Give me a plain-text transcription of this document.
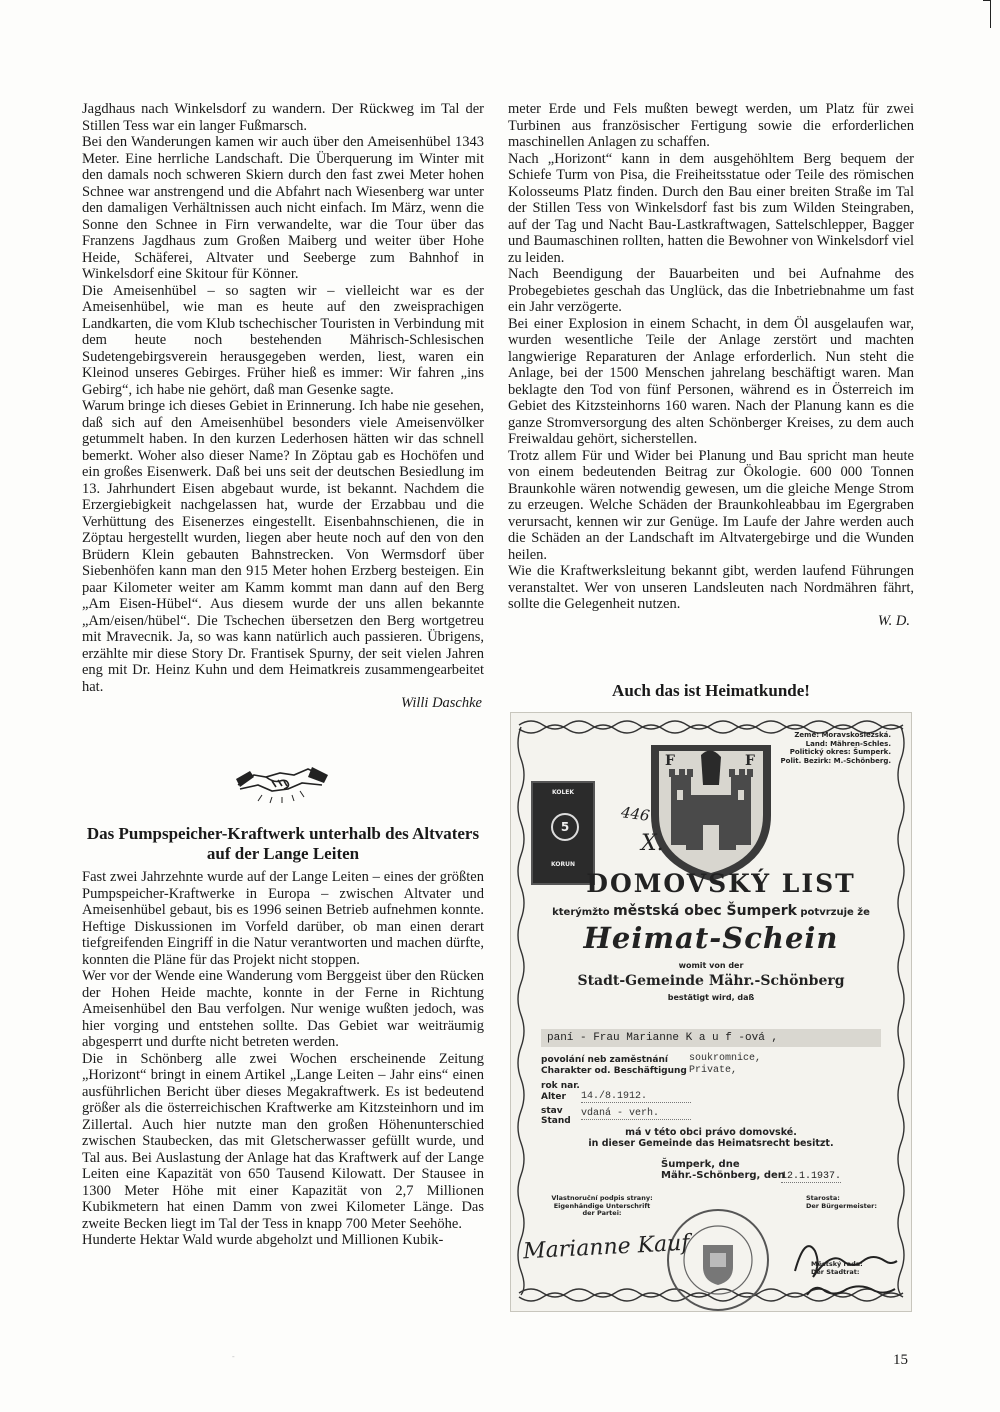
Jagdhaus nach Winkelsdorf zu wandern. Der Rückweg im Tal der Stillen Tess war ein langer Fußmarsch.

Bei den Wanderungen kamen wir auch über den Ameisenhübel 1343 Meter. Eine herrliche Landschaft. Die Überquerung im Winter mit den damals noch schweren Skiern durch den fast zwei Meter hohen Schnee war anstrengend und die Abfahrt nach Wiesenberg war unter den damaligen Verhältnissen auch nicht einfach. Im März, wenn die Sonne den Schnee in Firn verwandelte, war die Tour über das Franzens Jagdhaus zum Großen Maiberg und weiter über Hohe Heide, Schäferei, Altvater und Seeberge zum Bahnhof in Winkelsdorf eine Skitour für Könner.

Die Ameisenhübel – so sagten wir – vielleicht war es der Ameisenhübel, wie man es heute auf den zweisprachigen Landkarten, die vom Klub tschechischer Touristen in Verbindung mit dem heute noch bestehenden Mährisch-Schlesischen Sudetengebirgsverein herausgegeben werden, liest, waren ein Kleinod unseres Gebirges. Früher hieß es immer: Wir fahren „ins Gebirg“, ich habe nie gehört, daß man Gesenke sagte.

Warum bringe ich dieses Gebiet in Erinnerung. Ich habe nie gesehen, daß sich auf den Ameisenhübel besonders viele Ameisenvölker getummelt haben. In den kurzen Lederhosen hätten wir das schnell bemerkt. Woher also dieser Name? In Zöptau gab es Hochöfen und ein großes Eisenwerk. Daß bei uns seit der deutschen Besiedlung im 13. Jahrhundert Eisen abgebaut wurde, ist bekannt. Nachdem die Erzergiebigkeit nachgelassen hat, wurde der Erzabbau und die Verhüttung des Eisenerzes eingestellt. Eisenbahnschienen, die in Zöptau hergestellt wurden, liegen aber heute noch auf den von den Brüdern Klein gebauten Bahnstrecken. Von Wermsdorf über Siebenhöfen kann man den 915 Meter hohen Erzberg besteigen. Ein paar Kilometer weiter am Kamm kommt man dann auf den Berg „Am Eisen-Hübel“. Aus diesem wurde der uns allen bekannte „Am/eisen/hübel“. Die Tschechen übersetzen den Berg wortgetreu mit Mravecnik. Ja, so was kann natürlich auch passieren. Übrigens, erzählte mir diese Story Dr. Frantisek Spurny, der seit vielen Jahren eng mit Dr. Heinz Kuhn und dem Heimatkreis zusammengearbeitet hat.

Willi Daschke

Das Pumpspeicher-Kraftwerk unterhalb des Altvaters auf der Lange Leiten

Fast zwei Jahrzehnte wurde auf der Lange Leiten – eines der größten Pumpspeicher-Kraftwerke in Europa – zwischen Altvater und Ameisenhübel gebaut, bis es 1996 seinen Betrieb aufnehmen konnte. Heftige Diskussionen im Vorfeld darüber, ob man einen derart tiefgreifenden Eingriff in die Natur verantworten und machen dürfte, konnten die Pläne für das Projekt nicht stoppen.

Wer vor der Wende eine Wanderung vom Berggeist über den Rücken der Hohen Heide machte, konnte in der Ferne in Richtung Ameisenhübel den Bau verfolgen. Nur wenige wußten jedoch, was hier vorging und entstehen sollte. Das Gebiet war weiträumig abgesperrt und durfte nicht betreten werden.

Die in Schönberg alle zwei Wochen erscheinende Zeitung „Horizont“ bringt in einem Artikel „Lange Leiten – Jahr eins“ einen ausführlichen Bericht über dieses Megakraftwerk. Es ist bedeutend größer als die österreichischen Kraftwerke am Kitzsteinhorn und im Zillertal. Auch hier nutzte man den großen Höhenunterschied zwischen Staubecken, das mit Gletscherwasser gefüllt wurde, und Tal aus. Bei Auslastung der Anlage hat das Kraftwerk auf der Lange Leiten eine Kapazität von 650 Tausend Kilowatt. Der Stausee in 1300 Meter Höhe mit einer Kapazität von 2,7 Millionen Kubikmetern hat einen Damm von zwei Kilometer Länge. Das zweite Becken liegt im Tal der Tess in knapp 700 Meter Seehöhe.

Hunderte Hektar Wald wurde abgeholzt und Millionen Kubik-

meter Erde und Fels mußten bewegt werden, um Platz für zwei Turbinen aus französischer Fertigung sowie die erforderlichen maschinellen Anlagen zu schaffen.

Nach „Horizont“ kann in dem ausgehöhltem Berg bequem der Schiefe Turm von Pisa, die Freiheitsstatue oder Teile des römischen Kolosseums Platz finden. Durch den Bau einer breiten Straße im Tal der Stillen Tess von Winkelsdorf fast bis zum Wilden Steingraben, auf der Tag und Nacht Bau-Lastkraftwagen, Sattelschlepper, Bagger und Baumaschinen rollten, hatten die Bewohner von Winkelsdorf viel zu leiden.

Nach Beendigung der Bauarbeiten und bei Aufnahme des Probegebietes geschah das Unglück, das die Inbetriebnahme um fast ein Jahr verzögerte.

Bei einer Explosion in einem Schacht, in dem Öl ausgelaufen war, wurden wesentliche Teile der Anlage zerstört und machten langwierige Reparaturen der Anlage erforderlich. Nun steht die Anlage, bei der 1500 Menschen jahrelang beschäftigt waren. Man beklagte den Tod von fünf Personen, während es in Österreich im Gebiet des Kitzsteinhorns 160 waren. Nach der Planung kann es die ganze Stromversorgung des alten Schönberger Kreises, zu dem auch Freiwaldau gehört, sicherstellen.

Trotz allem Für und Wider bei Planung und Bau spricht man heute von einem bedeutenden Beitrag zur Ökologie. 600 000 Tonnen Braunkohle wären notwendig gewesen, um die gleiche Menge Strom zu erzeugen. Welche Schäden der Braunkohleabbau im Egergraben verursacht, kennen wir zur Genüge. Im Laufe der Jahre werden auch die Schäden an der Landschaft im Altvatergebirge und die Wunden heilen.

Wie die Kraftwerksleitung bekannt gibt, werden laufend Führungen veranstaltet. Wer von unseren Landsleuten nach Nordmähren fährt, sollte die Gelegenheit nutzen.

W. D.
Auch das ist Heimatkunde!
Země: Moravskoslezská.
Land: Mähren-Schles.
Politický okres: Šumperk.
Polit. Bezirk: M.-Schönberg.
KOLEK
5
KORUN
F	F
446
X.
DOMOVSKÝ LIST
kterýmžto městská obec Šumperk potvrzuje že
Heimat-Schein
womit von der
Stadt-Gemeinde Mähr.-Schönberg
bestätigt wird, daß
paní - Frau Marianne K a u f -ová ,
povolání neb zaměstnání
Charakter od. Beschäftigung
soukromnice,
Private,
rok nar.
Alter 14./8.1912.
stav
Stand
vdaná - verh.
má v této obci právo domovské.
in dieser Gemeinde das Heimatsrecht besitzt.
Šumperk, dne
Mähr.-Schönberg, den
12.1.1937.
Vlastnoruční podpis strany:
Eigenhändige Unterschrift der Partei:
Starosta:
Der Bürgermeister:
Městský rada:
Der Stadtrat:
Marianne Kauf
-	15
